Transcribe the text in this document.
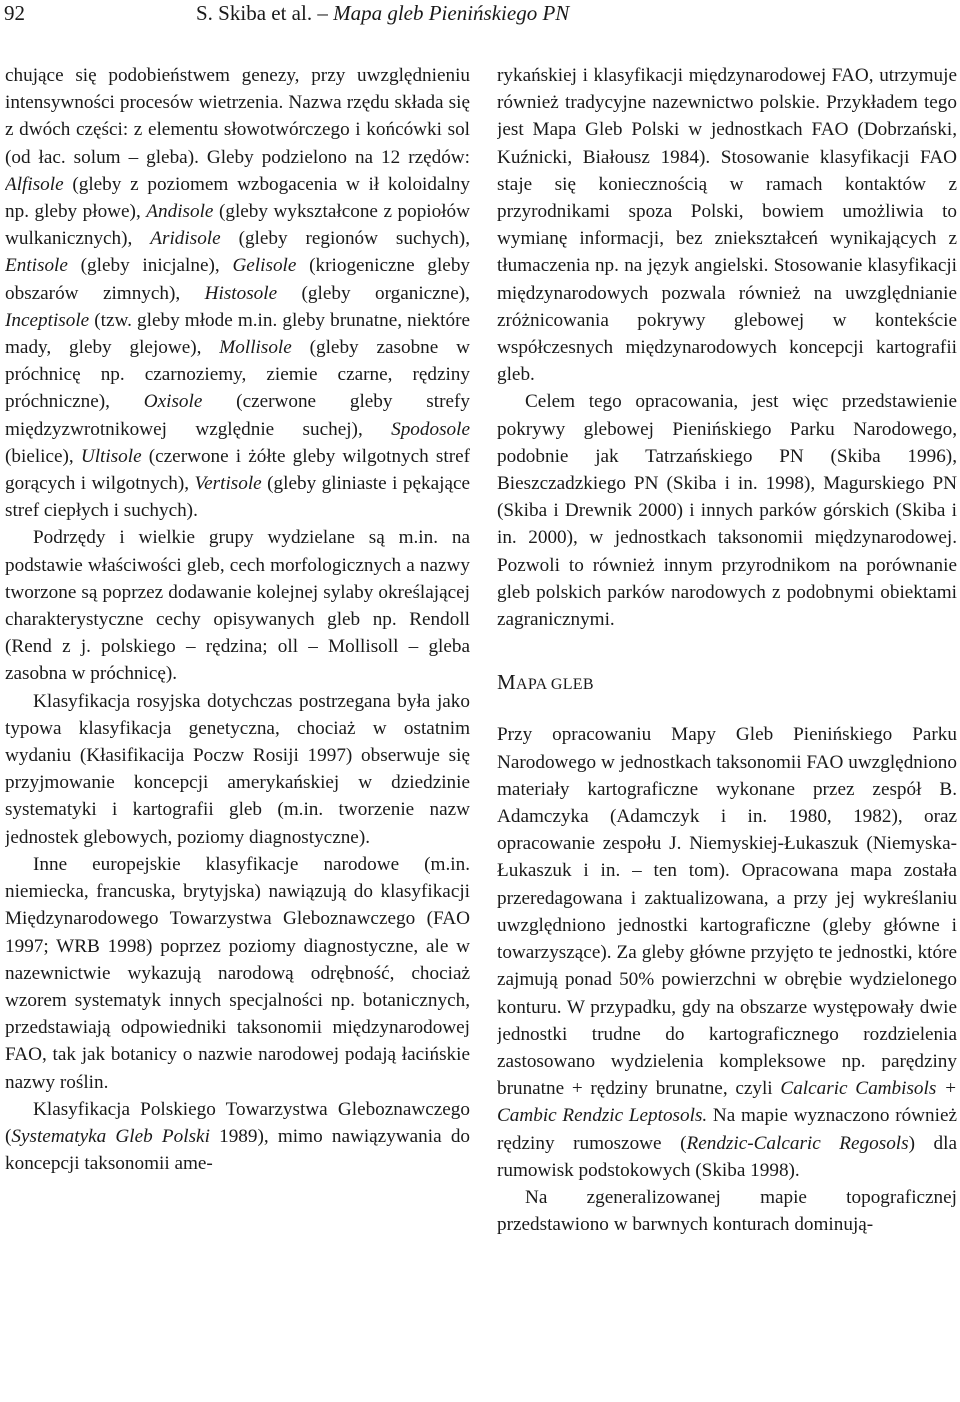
92	S. Skiba et al. – Mapa gleb Pienińskiego PN

chujące się podobieństwem genezy, przy uwzględnieniu intensywności procesów wietrzenia. Nazwa rzędu składa się z dwóch części: z elementu słowotwórczego i końcówki sol (od łac. solum – gleba). Gleby podzielono na 12 rzędów: Alfisole (gleby z poziomem wzbogacenia w ił koloidalny np. gleby płowe), Andisole (gleby wykształcone z popiołów wulkanicznych), Aridisole (gleby regionów suchych), Entisole (gleby inicjalne), Gelisole (kriogeniczne gleby obszarów zimnych), Histosole (gleby organiczne), Inceptisole (tzw. gleby młode m.in. gleby brunatne, niektóre mady, gleby glejowe), Mollisole (gleby zasobne w próchnicę np. czarnoziemy, ziemie czarne, rędziny próchniczne), Oxisole (czerwone gleby strefy międzyzwrotnikowej względnie suchej), Spodosole (bielice), Ultisole (czerwone i żółte gleby wilgotnych stref gorących i wilgotnych), Vertisole (gleby gliniaste i pękające stref ciepłych i suchych).

Podrzędy i wielkie grupy wydzielane są m.in. na podstawie właściwości gleb, cech morfologicznych a nazwy tworzone są poprzez dodawanie kolejnej sylaby określającej charakterystyczne cechy opisywanych gleb np. Rendoll (Rend z j. polskiego – rędzina; oll – Mollisoll – gleba zasobna w próchnicę).

Klasyfikacja rosyjska dotychczas postrzegana była jako typowa klasyfikacja genetyczna, chociaż w ostatnim wydaniu (Kłasifikacija Poczw Rosiji 1997) obserwuje się przyjmowanie koncepcji amerykańskiej w dziedzinie systematyki i kartografii gleb (m.in. tworzenie nazw jednostek glebowych, poziomy diagnostyczne).

Inne europejskie klasyfikacje narodowe (m.in. niemiecka, francuska, brytyjska) nawiązują do klasyfikacji Międzynarodowego Towarzystwa Gleboznawczego (FAO 1997; WRB 1998) poprzez poziomy diagnostyczne, ale w nazewnictwie wykazują narodową odrębność, chociaż wzorem systematyk innych specjalności np. botanicznych, przedstawiają odpowiedniki taksonomii międzynarodowej FAO, tak jak botanicy o nazwie narodowej podają łacińskie nazwy roślin.

Klasyfikacja Polskiego Towarzystwa Gleboznawczego (Systematyka Gleb Polski 1989), mimo nawiązywania do koncepcji taksonomii ame-

rykańskiej i klasyfikacji międzynarodowej FAO, utrzymuje również tradycyjne nazewnictwo polskie. Przykładem tego jest Mapa Gleb Polski w jednostkach FAO (Dobrzański, Kuźnicki, Białousz 1984). Stosowanie klasyfikacji FAO staje się koniecznością w ramach kontaktów z przyrodnikami spoza Polski, bowiem umożliwia to wymianę informacji, bez zniekształceń wynikających z tłumaczenia np. na język angielski. Stosowanie klasyfikacji międzynarodowych pozwala również na uwzględnianie zróżnicowania pokrywy glebowej w kontekście współczesnych międzynarodowych koncepcji kartografii gleb.

Celem tego opracowania, jest więc przedstawienie pokrywy glebowej Pienińskiego Parku Narodowego, podobnie jak Tatrzańskiego PN (Skiba 1996), Bieszczadzkiego PN (Skiba i in. 1998), Magurskiego PN (Skiba i Drewnik 2000) i innych parków górskich (Skiba i in. 2000), w jednostkach taksonomii międzynarodowej. Pozwoli to również innym przyrodnikom na porównanie gleb polskich parków narodowych z podobnymi obiektami zagranicznymi.

MAPA GLEB

Przy opracowaniu Mapy Gleb Pienińskiego Parku Narodowego w jednostkach taksonomii FAO uwzględniono materiały kartograficzne wykonane przez zespół B. Adamczyka (Adamczyk i in. 1980, 1982), oraz opracowanie zespołu J. Niemyskiej-Łukaszuk (Niemyska-Łukaszuk i in. – ten tom). Opracowana mapa została przeredagowana i zaktualizowana, a przy jej wykreślaniu uwzględniono jednostki kartograficzne (gleby główne i towarzyszące). Za gleby główne przyjęto te jednostki, które zajmują ponad 50% powierzchni w obrębie wydzielonego konturu. W przypadku, gdy na obszarze występowały dwie jednostki trudne do kartograficznego rozdzielenia zastosowano wydzielenia kompleksowe np. parędziny brunatne + rędziny brunatne, czyli Calcaric Cambisols + Cambic Rendzic Leptosols. Na mapie wyznaczono również rędziny rumoszowe (Rendzic-Calcaric Regosols) dla rumowisk podstokowych (Skiba 1998).

Na zgeneralizowanej mapie topograficznej przedstawiono w barwnych konturach dominują-
